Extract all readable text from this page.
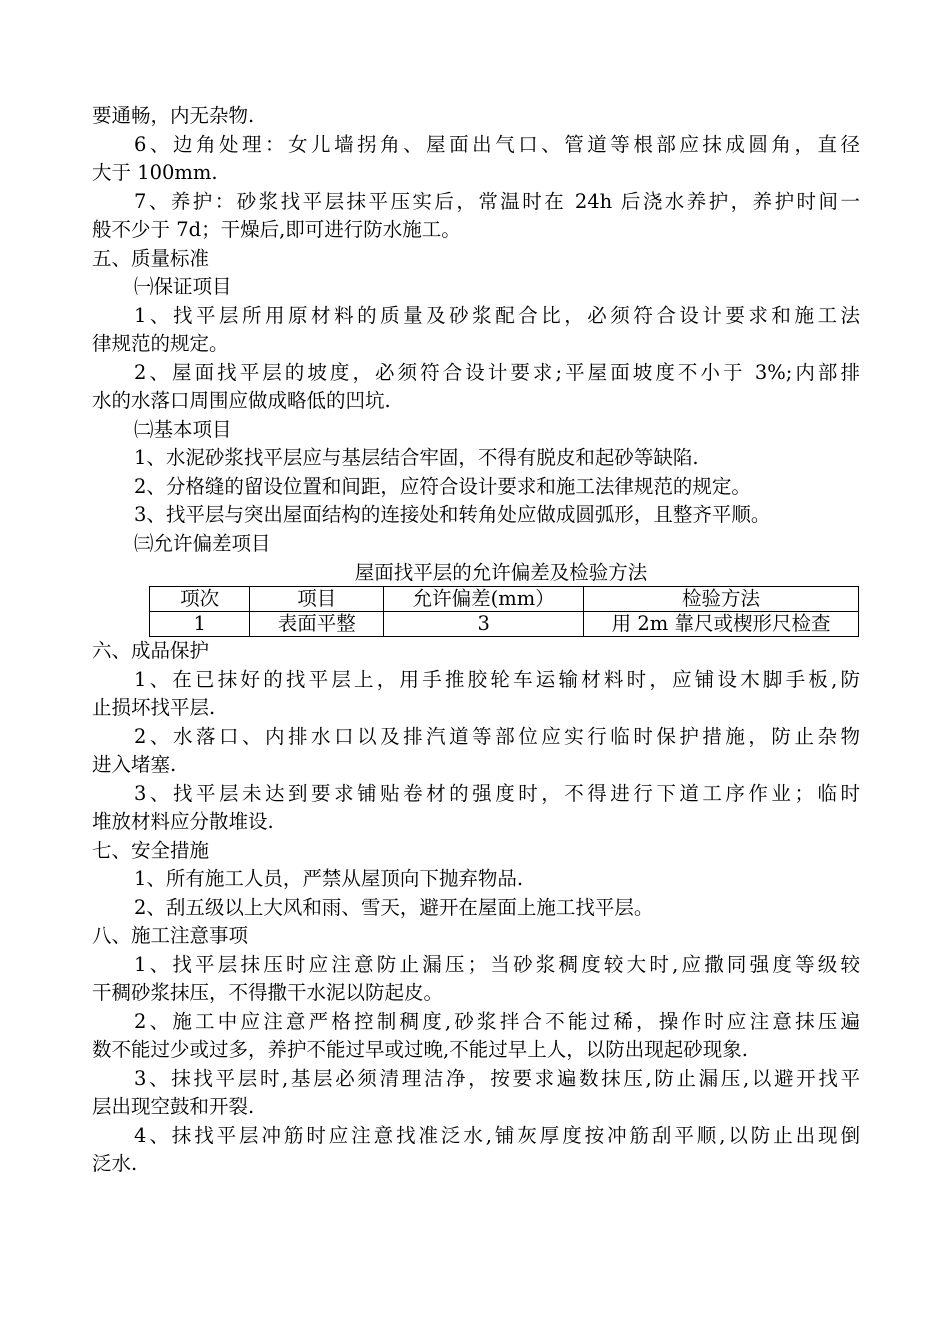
要通畅，内无杂物.
6、边角处理：女儿墙拐角、屋面出气口、管道等根部应抹成圆角，直径
大于 100mm.
7、养护：砂浆找平层抹平压实后，常温时在 24h 后浇水养护，养护时间一
般不少于 7d；干燥后,即可进行防水施工。
五、质量标准
㈠保证项目
1、找平层所用原材料的质量及砂浆配合比，必须符合设计要求和施工法
律规范的规定。
2、屋面找平层的坡度，必须符合设计要求;平屋面坡度不小于 3%;内部排
水的水落口周围应做成略低的凹坑.
㈡基本项目
1、水泥砂浆找平层应与基层结合牢固，不得有脱皮和起砂等缺陷.
2、分格缝的留设位置和间距，应符合设计要求和施工法律规范的规定。
3、找平层与突出屋面结构的连接处和转角处应做成圆弧形，且整齐平顺。
㈢允许偏差项目
屋面找平层的允许偏差及检验方法
项次	项目	允许偏差(mm）	检验方法
1	表面平整	3	用 2m 靠尺或楔形尺检查
六、成品保护
1、在已抹好的找平层上，用手推胶轮车运输材料时，应铺设木脚手板,防
止损坏找平层.
2、水落口、内排水口以及排汽道等部位应实行临时保护措施，防止杂物
进入堵塞.
3、找平层未达到要求铺贴卷材的强度时，不得进行下道工序作业；临时
堆放材料应分散堆设.
七、安全措施
1、所有施工人员，严禁从屋顶向下抛弃物品.
2、刮五级以上大风和雨、雪天，避开在屋面上施工找平层。
八、施工注意事项
1、找平层抹压时应注意防止漏压；当砂浆稠度较大时,应撒同强度等级较
干稠砂浆抹压，不得撒干水泥以防起皮。
2、施工中应注意严格控制稠度,砂浆拌合不能过稀，操作时应注意抹压遍
数不能过少或过多，养护不能过早或过晚,不能过早上人，以防出现起砂现象.
3、抹找平层时,基层必须清理洁净，按要求遍数抹压,防止漏压,以避开找平
层出现空鼓和开裂.
4、抹找平层冲筋时应注意找准泛水,铺灰厚度按冲筋刮平顺,以防止出现倒
泛水.
